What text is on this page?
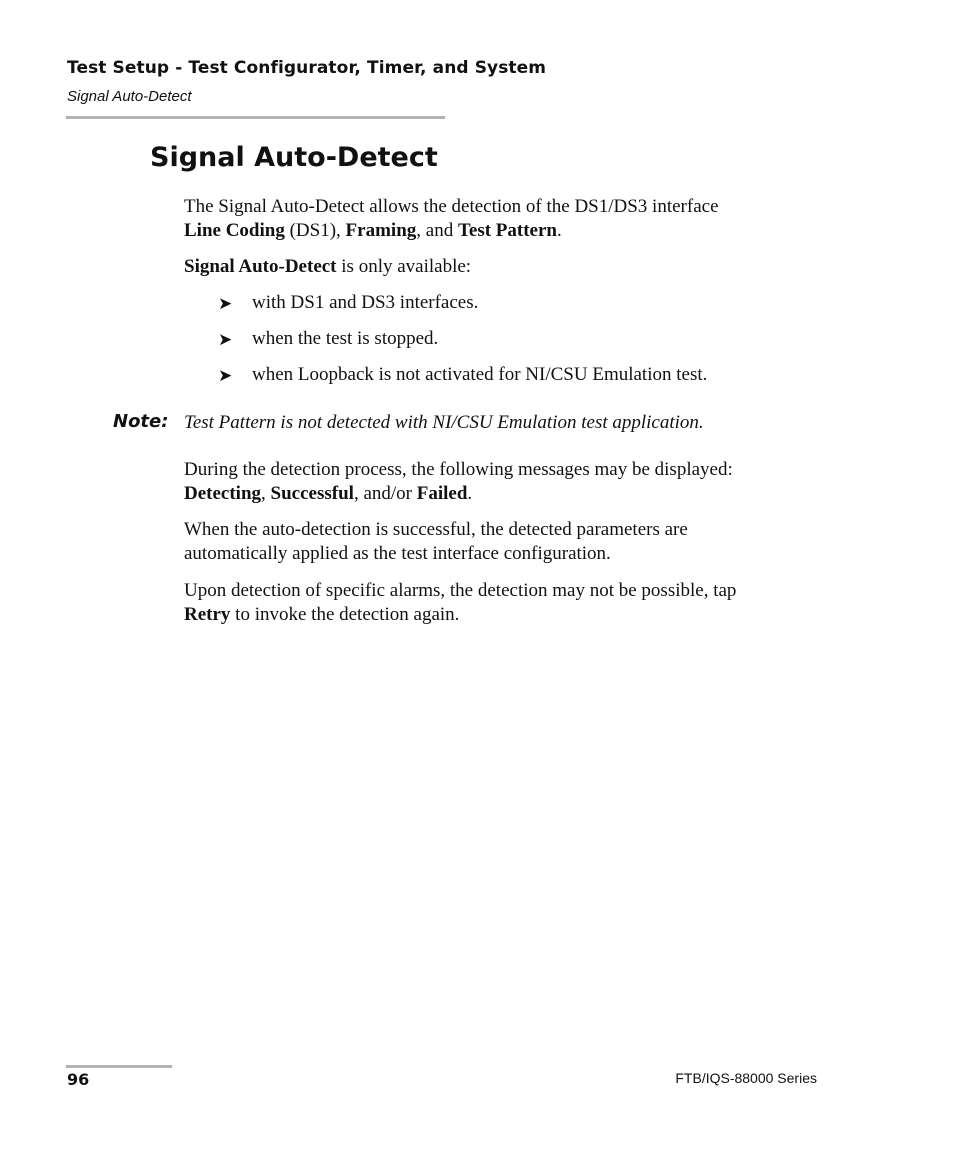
Test Setup - Test Configurator, Timer, and System
Signal Auto-Detect
Signal Auto-Detect
The Signal Auto-Detect allows the detection of the DS1/DS3 interface
Line Coding (DS1), Framing, and Test Pattern.
Signal Auto-Detect is only available:
➤ with DS1 and DS3 interfaces.
➤ when the test is stopped.
➤ when Loopback is not activated for NI/CSU Emulation test.
Note: Test Pattern is not detected with NI/CSU Emulation test application.
During the detection process, the following messages may be displayed:
Detecting, Successful, and/or Failed.
When the auto-detection is successful, the detected parameters are automatically applied as the test interface configuration.
Upon detection of specific alarms, the detection may not be possible, tap
Retry to invoke the detection again.
96	FTB/IQS-88000 Series
